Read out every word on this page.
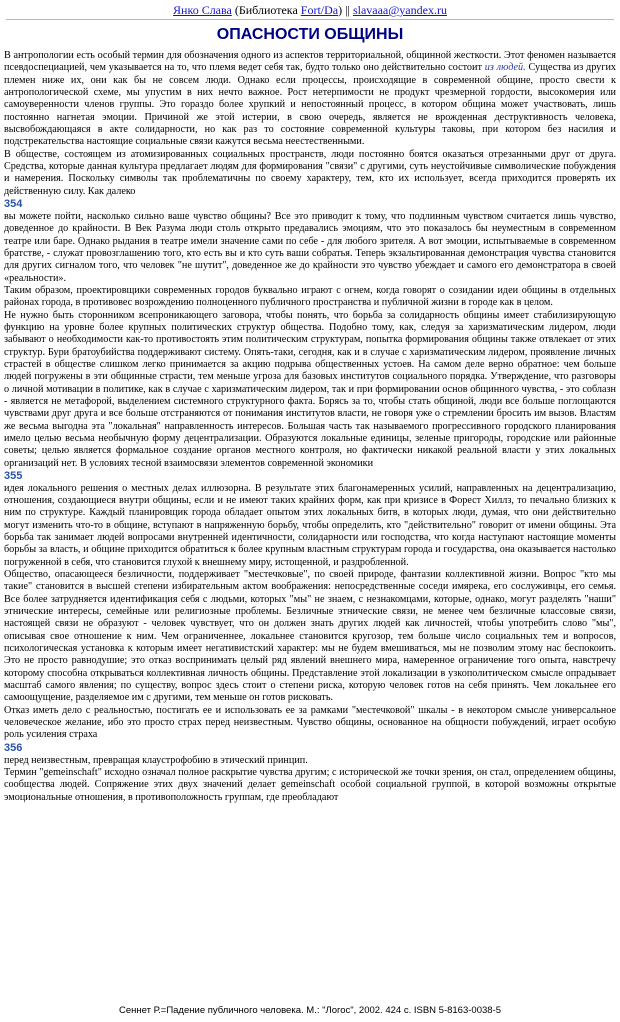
Янко Слава (Библиотека Fort/Da) || slavaaa@yandex.ru
ОПАСНОСТИ ОБЩИНЫ

В антропологии есть особый термин для обозначения одного из аспектов территориальной, общинной жесткости. Этот феномен называется псевдоспециацией, чем указывается на то, что племя ведет себя так, будто только оно действительно состоит из людей. Существа из других племен ниже их, они как бы не совсем люди. Однако если процессы, происходящие в современной общине, просто свести к антропологической схеме, мы упустим в них нечто важное. Рост нетерпимости не продукт чрезмерной гордости, высокомерия или самоуверенности членов группы. Это гораздо более хрупкий и непостоянный процесс, в котором община может участвовать, лишь постоянно нагнетая эмоции. Причиной же этой истерии, в свою очередь, является не врожденная деструктивность человека, высвобождающаяся в акте солидарности, но как раз то состояние современной культуры таковы, при котором без насилия и подстрекательства настоящие социальные связи кажутся весьма неестественными.

В обществе, состоящем из атомизированных социальных пространств, люди постоянно боятся оказаться отрезанными друг от друга. Средства, которые данная культура предлагает людям для формирования "связи" с другими, суть неустойчивые символические побуждения и намерения. Поскольку символы так проблематичны по своему характеру, тем, кто их использует, всегда приходится проверять их действенную силу. Как далеко

354

вы можете пойти, насколько сильно ваше чувство общины? Все это приводит к тому, что подлинным чувством считается лишь чувство, доведенное до крайности. В Век Разума люди столь открыто предавались эмоциям, что это показалось бы неуместным в современном театре или баре. Однако рыдания в театре имели значение сами по себе - для любого зрителя. А вот эмоции, испытываемые в современном братстве, - служат провозглашению того, кто есть вы и кто суть ваши собратья. Теперь экзальтированная демонстрация чувства становится для других сигналом того, что человек "не шутит", доведенное же до крайности это чувство убеждает и самого его демонстратора в своей «реальности».

Таким образом, проектировщики современных городов буквально играют с огнем, когда говорят о созидании идеи общины в отдельных районах города, в противовес возрождению полноценного публичного пространства и публичной жизни в городе как в целом.

Не нужно быть сторонником всепроникающего заговора, чтобы понять, что борьба за солидарность общины имеет стабилизирующую функцию на уровне более крупных политических структур общества. Подобно тому, как, следуя за харизматическим лидером, люди забывают о необходимости как-то противостоять этим политическим структурам, попытка формирования общины также отвлекает от этих структур. Бури братоубийства поддерживают систему. Опять-таки, сегодня, как и в случае с харизматическим лидером, проявление личных страстей в обществе слишком легко принимается за акцию подрыва общественных устоев. На самом деле верно обратное: чем больше людей погружены в эти общинные страсти, тем меньше угроза для базовых институтов социального порядка. Утверждение, что разговоры о личной мотивации в политике, как в случае с харизматическим лидером, так и при формировании основ общинного чувства, - это соблазн - является не метафорой, выделением системного структурного факта. Борясь за то, чтобы стать общиной, люди все больше поглощаются чувствами друг друга и все больше отстраняются от понимания институтов власти, не говоря уже о стремлении бросить им вызов. Властям же весьма выгодна эта "локальная" направленность интересов. Большая часть так называемого прогрессивного городского планирования имело целью весьма необычную форму децентрализации. Образуются локальные единицы, зеленые пригороды, городские или районные советы; целью является формальное создание органов местного контроля, но фактически никакой реальной власти у этих локальных организаций нет. В условиях тесной взаимосвязи элементов современной экономики

355

идея локального решения о местных делах иллюзорна. В результате этих благонамеренных усилий, направленных на децентрализацию, отношения, создающиеся внутри общины, если и не имеют таких крайних форм, как при кризисе в Форест Хиллз, то печально близких к ним по структуре. Каждый планировщик города обладает опытом этих локальных битв, в которых люди, думая, что они действительно могут изменить что-то в общине, вступают в напряженную борьбу, чтобы определить, кто "действительно" говорит от имени общины. Эта борьба так занимает людей вопросами внутренней идентичности, солидарности или господства, что когда наступают настоящие моменты борьбы за власть, и общине приходится обратиться к более крупным властным структурам города и государства, она оказывается настолько погруженной в себя, что становится глухой к внешнему миру, истощенной, и раздробленной.

Общество, опасающееся безличности, поддерживает "местечковые", по своей природе, фантазии коллективной жизни. Вопрос "кто мы такие" становится в высшей степени избирательным актом воображения: непосредственные соседи имярека, его сослуживцы, его семья. Все более затрудняется идентификация себя с людьми, которых "мы" не знаем, с незнакомцами, которые, однако, могут разделять "наши" этнические интересы, семейные или религиозные проблемы. Безличные этнические связи, не менее чем безличные классовые связи, настоящей связи не образуют - человек чувствует, что он должен знать других людей как личностей, чтобы употребить слово "мы", описывая свое отношение к ним. Чем ограниченнее, локальнее становится кругозор, тем больше число социальных тем и вопросов, психологическая установка к которым имеет негативистский характер: мы не будем вмешиваться, мы не позволим этому нас беспокоить. Это не просто равнодушие; это отказ воспринимать целый ряд явлений внешнего мира, намеренное ограничение того опыта, навстречу которому способна открываться коллективная личность общины. Представление этой локализации в узкополитическом смысле опрадывает масштаб самого явления; по существу, вопрос здесь стоит о степени риска, которую человек готов на себя принять. Чем локальнее его самоощущение, разделяемое им с другими, тем меньше он готов рисковать.

Отказ иметь дело с реальностью, постигать ее и использовать ее за рамками "местечковой" шкалы - в некотором смысле универсальное человеческое желание, ибо это просто страх перед неизвестным. Чувство общины, основанное на общности побуждений, играет особую роль усиления страха

356

перед неизвестным, превращая клаустрофобию в этический принцип.

Термин "gemeinschaft" исходно означал полное раскрытие чувства другим; с исторической же точки зрения, он стал, определением общины, сообщества людей. Сопряжение этих двух значений делает gemeinschaft особой социальной группой, в которой возможны открытые эмоциональные отношения, в противоположность группам, где преобладают

Сеннет Р.=Падение публичного человека. М.: "Логос", 2002. 424 с. ISBN 5-8163-0038-5
